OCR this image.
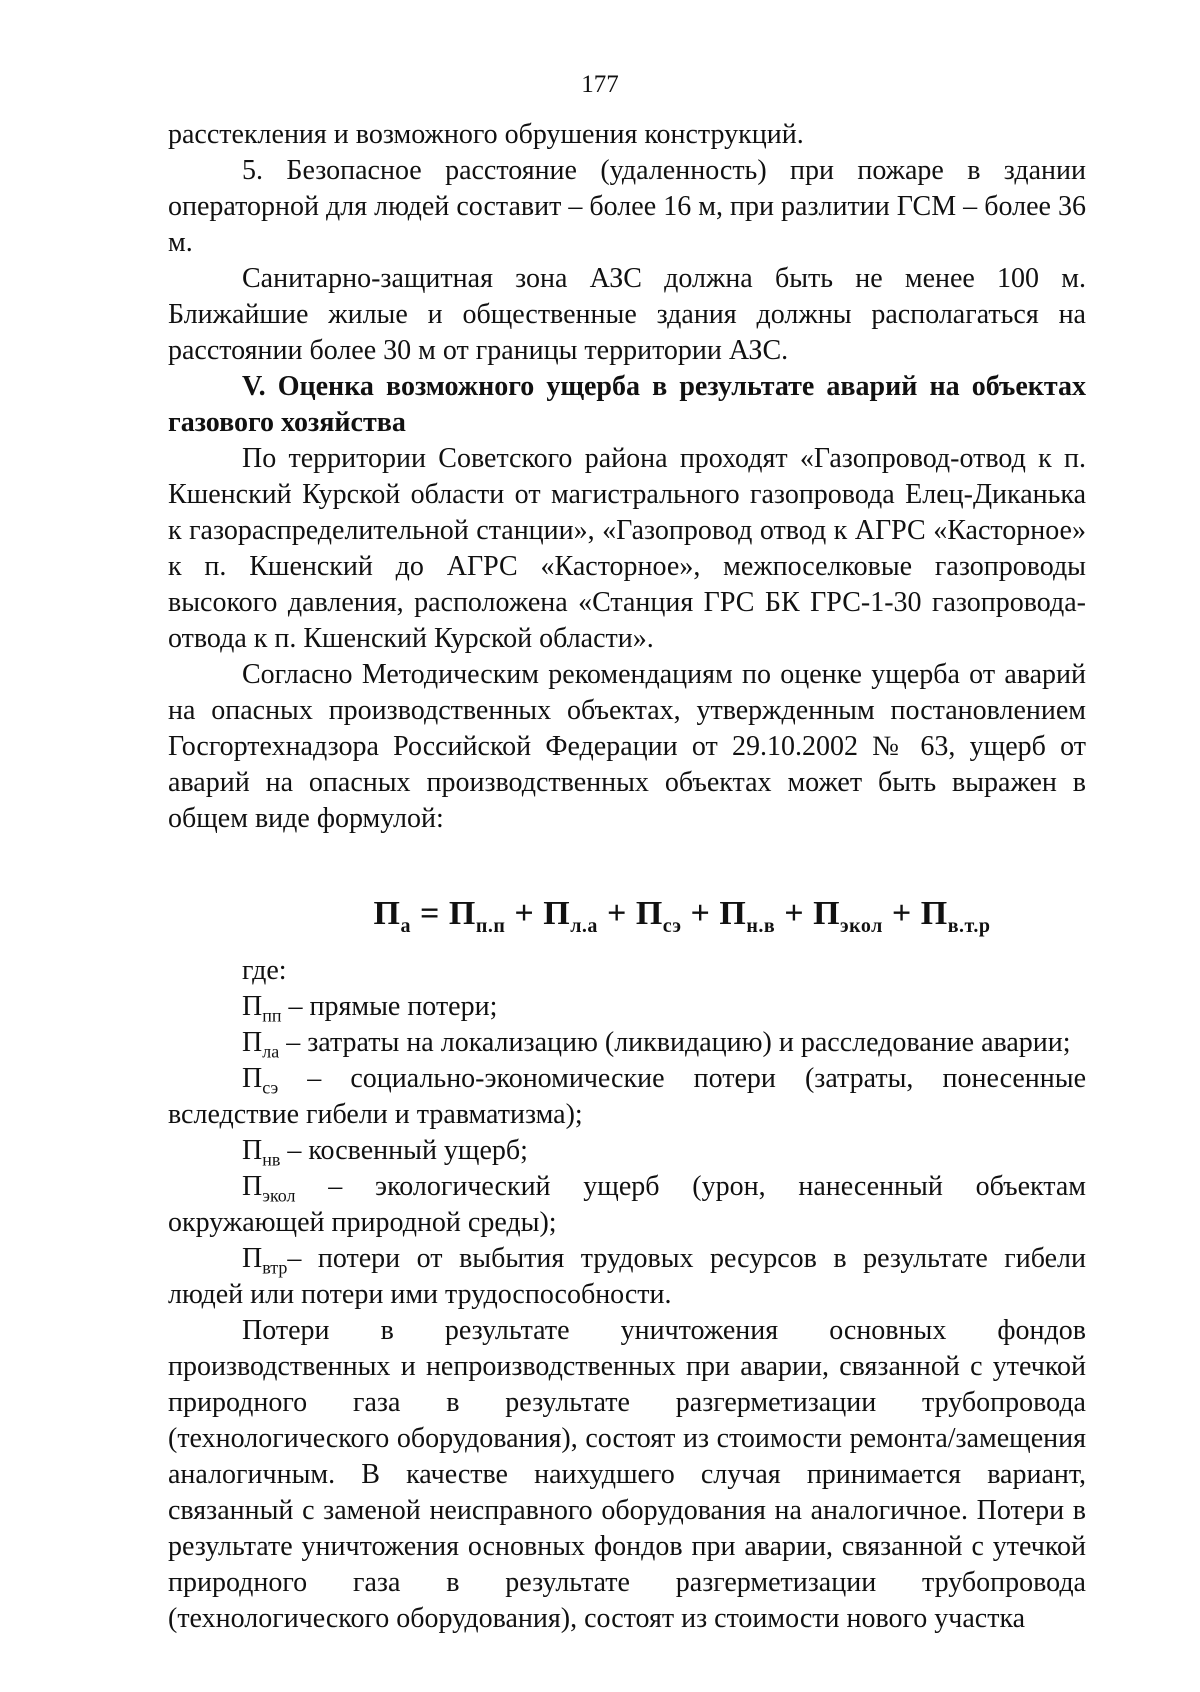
177

расстекления и возможного обрушения конструкций.

5. Безопасное расстояние (удаленность) при пожаре в здании операторной для людей составит – более 16 м, при разлитии ГСМ – более 36 м.

Санитарно-защитная зона АЗС должна быть не менее 100 м. Ближайшие жилые и общественные здания должны располагаться на расстоянии более 30 м от границы территории АЗС.

V. Оценка возможного ущерба в результате аварий на объектах газового хозяйства

По территории Советского района проходят «Газопровод-отвод к п. Кшенский Курской области от магистрального газопровода Елец-Диканька к газораспределительной станции», «Газопровод отвод к АГРС «Касторное» к п. Кшенский до АГРС «Касторное», межпоселковые газопроводы высокого давления, расположена «Станция ГРС БК ГРС-1-30 газопровода-отвода к п. Кшенский Курской области».

Согласно Методическим рекомендациям по оценке ущерба от аварий на опасных производственных объектах, утвержденным постановлением Госгортехнадзора Российской Федерации от 29.10.2002 № 63, ущерб от аварий на опасных производственных объектах может быть выражен в общем виде формулой:

$П_а = П_{п.п} + П_{л.а} + П_{сэ} + П_{н.в} + П_{экол} + П_{в.т.р}$

где:

$П_{пп}$ – прямые потери;

$П_{ла}$ – затраты на локализацию (ликвидацию) и расследование аварии;

$П_{сэ}$ – социально-экономические потери (затраты, понесенные вследствие гибели и травматизма);

$П_{нв}$ – косвенный ущерб;

$П_{экол}$ – экологический ущерб (урон, нанесенный объектам окружающей природной среды);

$П_{втр}-$ потери от выбытия трудовых ресурсов в результате гибели людей или потери ими трудоспособности.

Потери в результате уничтожения основных фондов производственных и непроизводственных при аварии, связанной с утечкой природного газа в результате разгерметизации трубопровода (технологического оборудования), состоят из стоимости ремонта/замещения аналогичным. В качестве наихудшего случая принимается вариант, связанный с заменой неисправного оборудования на аналогичное. Потери в результате уничтожения основных фондов при аварии, связанной с утечкой природного газа в результате разгерметизации трубопровода (технологического оборудования), состоят из стоимости нового участка
